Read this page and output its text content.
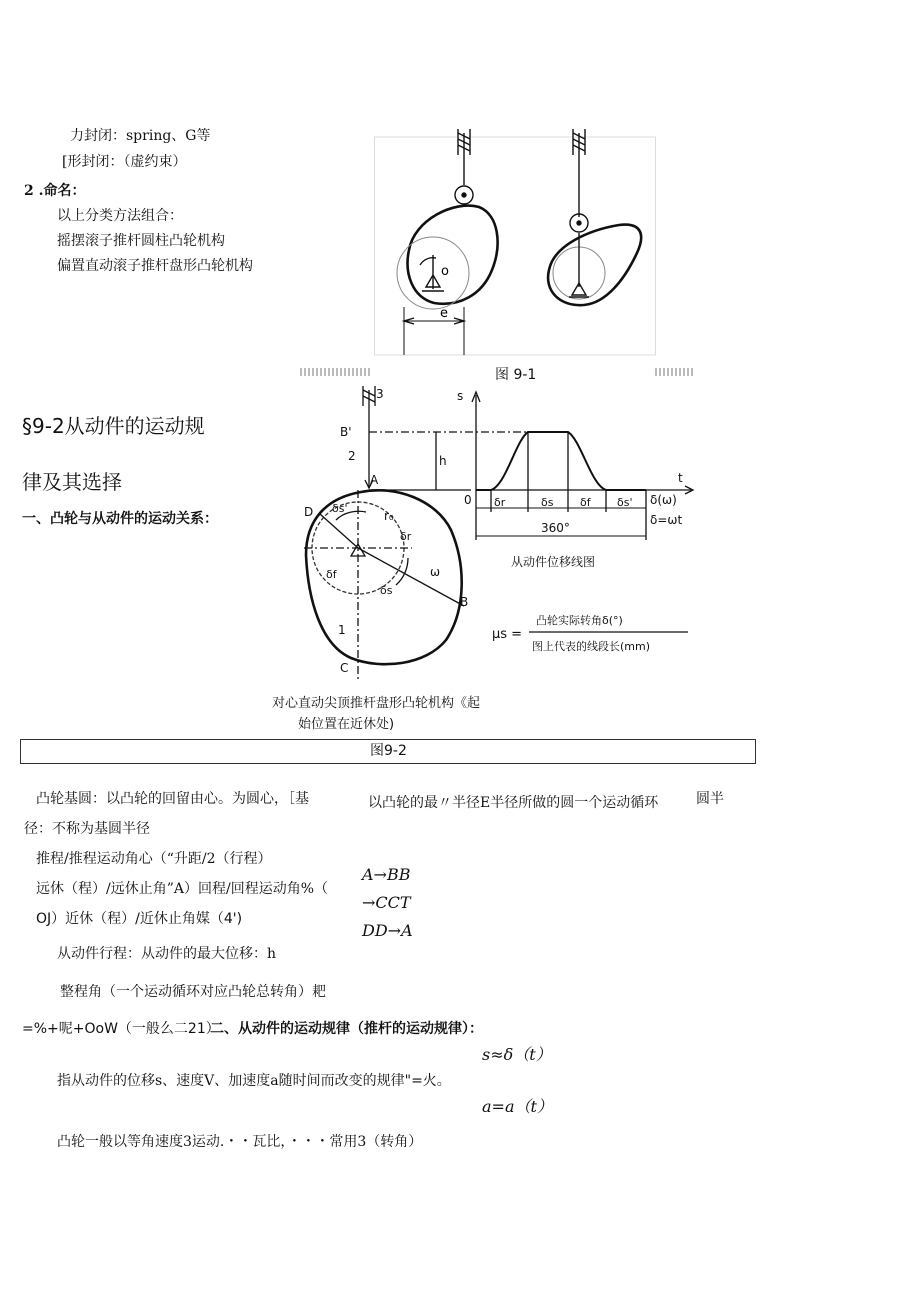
力封闭：spring、G等
[形封闭：（虚约束）
2 .命名：
以上分类方法组合：
摇摆滚子推杆圆柱凸轮机构
偏置直动滚子推杆盘形凸轮机构	o
e
图 9-1
§9-2从动件的运动规
律及其选择
一、凸轮与从动件的运动关系：
B'
3
2
A
h
D
B
C
1
r₀
ω
δs'
δr
δf
δs
s
t
0 δr	δs δf δs' δ(ω)
δ=ωt
360°
从动件位移线图
μs =
凸轮实际转角δ(°)
图上代表的线段长(mm)
对心直动尖顶推杆盘形凸轮机构《起
始位置在近休处)
图9-2
凸轮基圆：以凸轮的回留由心。为圆心，［基	以凸轮的最〃半径E半径所做的圆一个运动循环	圆半
径：不称为基圆半径
推程/推程运动角心（“升距/2（行程）
远休（程）/远休止角”A）回程/回程运动角%（
OJ）近休（程）/近休止角媒（4')
A→BB
→CCT
DD→A
从动件行程：从动件的最大位移：h
整程角（一个运动循环对应凸轮总转角）耙
=%+呢+OoW（一般么二21）
二、从动件的运动规律（推杆的运动规律）：
s≈δ（t）
指从动件的位移s、速度V、加速度a随时间而改变的规律"=火。
a=a（t）
凸轮一般以等角速度3运动.・・瓦比，・・・常用3（转角）
